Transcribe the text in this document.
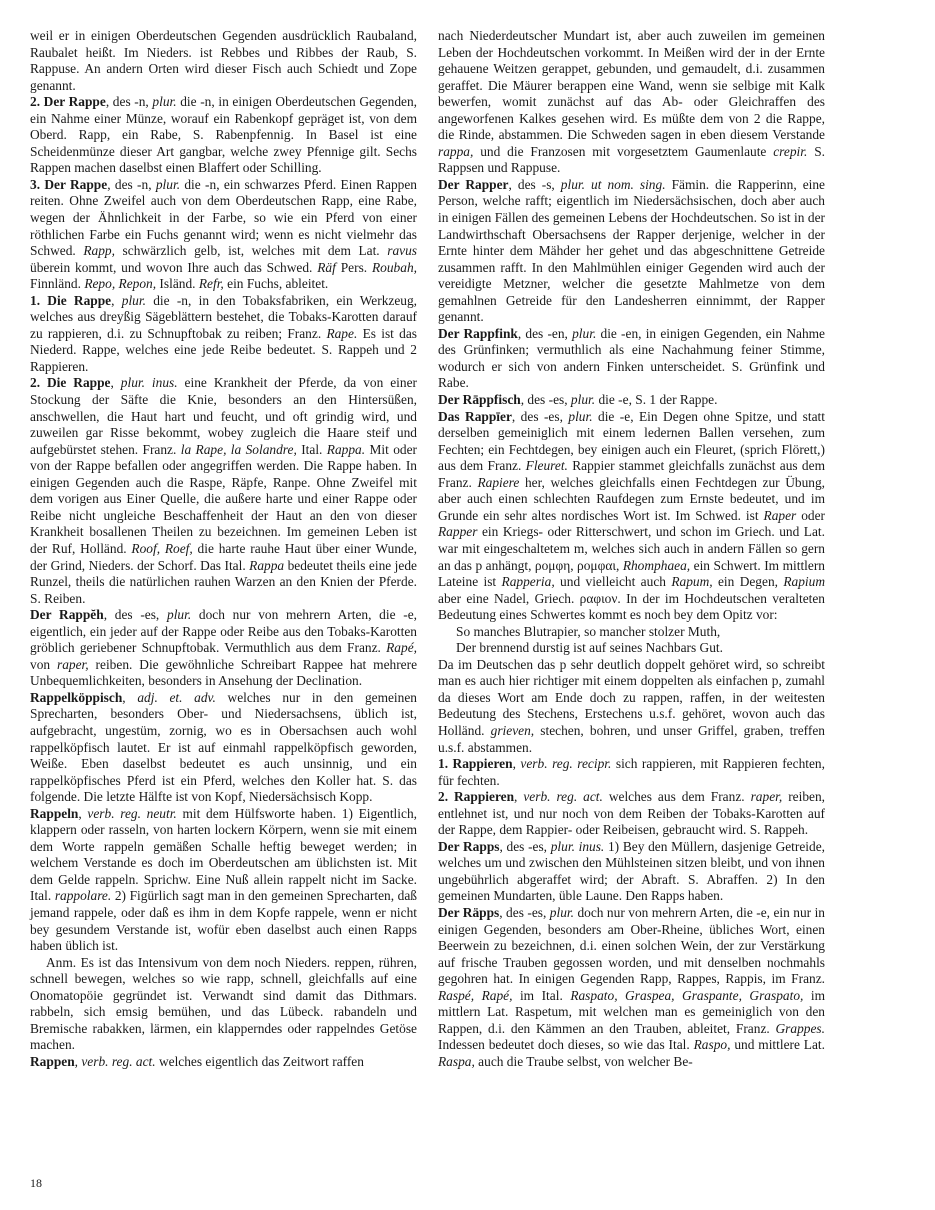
weil er in einigen Oberdeutschen Gegenden ausdrücklich Raubaland, Raubalet heißt. Im Nieders. ist Rebbes und Ribbes der Raub, S. Rappuse. An andern Orten wird dieser Fisch auch Schiedt und Zope genannt.

2. Der Rappe, des -n, plur. die -n, in einigen Oberdeutschen Gegenden, ein Nahme einer Münze, worauf ein Rabenkopf gepräget ist, von dem Oberd. Rapp, ein Rabe, S. Rabenpfennig. In Basel ist eine Scheidenmünze dieser Art gangbar, welche zwey Pfennige gilt. Sechs Rappen machen daselbst einen Blaffert oder Schilling.

3. Der Rappe, des -n, plur. die -n, ein schwarzes Pferd. Einen Rappen reiten. Ohne Zweifel auch von dem Oberdeutschen Rapp, eine Rabe, wegen der Ähnlichkeit in der Farbe, so wie ein Pferd von einer röthlichen Farbe ein Fuchs genannt wird; wenn es nicht vielmehr das Schwed. Rapp, schwärzlich gelb, ist, welches mit dem Lat. ravus überein kommt, und wovon Ihre auch das Schwed. Räf Pers. Roubah, Finnländ. Repo, Repon, Isländ. Refr, ein Fuchs, ableitet.

1. Die Rappe, plur. die -n, in den Tobaksfabriken, ein Werkzeug, welches aus dreyßig Sägeblättern bestehet, die Tobaks-Karotten darauf zu rappieren, d.i. zu Schnupftobak zu reiben; Franz. Rape. Es ist das Niederd. Rappe, welches eine jede Reibe bedeutet. S. Rappeh und 2 Rappieren.

2. Die Rappe, plur. inus. eine Krankheit der Pferde, da von einer Stockung der Säfte die Knie, besonders an den Hintersüßen, anschwellen, die Haut hart und feucht, und oft grindig wird, und zuweilen gar Risse bekommt, wobey zugleich die Haare steif und aufgebürstet stehen. Franz. la Rape, la Solandre, Ital. Rappa. Mit oder von der Rappe befallen oder angegriffen werden. Die Rappe haben. In einigen Gegenden auch die Raspe, Räpfe, Ranpe. Ohne Zweifel mit dem vorigen aus Einer Quelle, die außere harte und einer Rappe oder Reibe nicht ungleiche Beschaffenheit der Haut an den von dieser Krankheit bosallenen Theilen zu bezeichnen. Im gemeinen Leben ist der Ruf, Holländ. Roof, Roef, die harte rauhe Haut über einer Wunde, der Grind, Nieders. der Schorf. Das Ital. Rappa bedeutet theils eine jede Runzel, theils die natürlichen rauhen Warzen an den Knien der Pferde. S. Reiben.

Der Rappĕh, des -es, plur. doch nur von mehrern Arten, die -e, eigentlich, ein jeder auf der Rappe oder Reibe aus den Tobaks-Karotten gröblich geriebener Schnupftobak. Vermuthlich aus dem Franz. Rapé, von raper, reiben. Die gewöhnliche Schreibart Rappee hat mehrere Unbequemlichkeiten, besonders in Ansehung der Declination.

Rappelköppisch, adj. et. adv. welches nur in den gemeinen Sprecharten, besonders Ober- und Niedersachsens, üblich ist, aufgebracht, ungestüm, zornig, wo es in Obersachsen auch wohl rappelköpfisch lautet. Er ist auf einmahl rappelköpfisch geworden, Weiße. Eben daselbst bedeutet es auch unsinnig, und ein rappelköpfisches Pferd ist ein Pferd, welches den Koller hat. S. das folgende. Die letzte Hälfte ist von Kopf, Niedersächsisch Kopp.

Rappeln, verb. reg. neutr. mit dem Hülfsworte haben. 1) Eigentlich, klappern oder rasseln, von harten lockern Körpern, wenn sie mit einem dem Worte rappeln gemäßen Schalle heftig beweget werden; in welchem Verstande es doch im Oberdeutschen am üblichsten ist. Mit dem Gelde rappeln. Sprichw. Eine Nuß allein rappelt nicht im Sacke. Ital. rappolare. 2) Figürlich sagt man in den gemeinen Sprecharten, daß jemand rappele, oder daß es ihm in dem Kopfe rappele, wenn er nicht bey gesundem Verstande ist, wofür eben daselbst auch einen Rapps haben üblich ist.

Anm. Es ist das Intensivum von dem noch Nieders. reppen, rühren, schnell bewegen, welches so wie rapp, schnell, gleichfalls auf eine Onomatopöie gegründet ist. Verwandt sind damit das Dithmars. rabbeln, sich emsig bemühen, und das Lübeck. rabandeln und Bremische rabakken, lärmen, ein klapperndes oder rappelndes Getöse machen.

Rappen, verb. reg. act. welches eigentlich das Zeitwort raffen

nach Niederdeutscher Mundart ist, aber auch zuweilen im gemeinen Leben der Hochdeutschen vorkommt. In Meißen wird der in der Ernte gehauene Weitzen gerappet, gebunden, und gemaudelt, d.i. zusammen geraffet. Die Mäurer berappen eine Wand, wenn sie selbige mit Kalk bewerfen, womit zunächst auf das Ab- oder Gleichraffen des angeworfenen Kalkes gesehen wird. Es müßte dem von 2 die Rappe, die Rinde, abstammen. Die Schweden sagen in eben diesem Verstande rappa, und die Franzosen mit vorgesetztem Gaumenlaute crepir. S. Rappsen und Rappuse.

Der Rapper, des -s, plur. ut nom. sing. Fämin. die Rapperinn, eine Person, welche rafft; eigentlich im Niedersächsischen, doch aber auch in einigen Fällen des gemeinen Lebens der Hochdeutschen. So ist in der Landwirthschaft Obersachsens der Rapper derjenige, welcher in der Ernte hinter dem Mähder her gehet und das abgeschnittene Getreide zusammen rafft. In den Mahlmühlen einiger Gegenden wird auch der vereidigte Metzner, welcher die gesetzte Mahlmetze von dem gemahlnen Getreide für den Landesherren einnimmt, der Rapper genannt.

Der Rappfink, des -en, plur. die -en, in einigen Gegenden, ein Nahme des Grünfinken; vermuthlich als eine Nachahmung feiner Stimme, wodurch er sich von andern Finken unterscheidet. S. Grünfink und Rabe.

Der Rāppfisch, des -es, plur. die -e, S. 1 der Rappe.

Das Rappīer, des -es, plur. die -e, Ein Degen ohne Spitze, und statt derselben gemeiniglich mit einem ledernen Ballen versehen, zum Fechten; ein Fechtdegen, bey einigen auch ein Fleuret, (sprich Flörett,) aus dem Franz. Fleuret. Rappier stammet gleichfalls zunächst aus dem Franz. Rapiere her, welches gleichfalls einen Fechtdegen zur Übung, aber auch einen schlechten Raufdegen zum Ernste bedeutet, und im Grunde ein sehr altes nordisches Wort ist. Im Schwed. ist Raper oder Rapper ein Kriegs- oder Ritterschwert, und schon im Griech. und Lat. war mit eingeschaltetem m, welches sich auch in andern Fällen so gern an das p anhängt, ρομφη, ρομφαι, Rhomphaea, ein Schwert. Im mittlern Lateine ist Rapperia, und vielleicht auch Rapum, ein Degen, Rapium aber eine Nadel, Griech. ραφιον. In der im Hochdeutschen veralteten Bedeutung eines Schwertes kommt es noch bey dem Opitz vor:

So manches Blutrapier, so mancher stolzer Muth,

Der brennend durstig ist auf seines Nachbars Gut.

Da im Deutschen das p sehr deutlich doppelt gehöret wird, so schreibt man es auch hier richtiger mit einem doppelten als einfachen p, zumahl da dieses Wort am Ende doch zu rappen, raffen, in der weitesten Bedeutung des Stechens, Erstechens u.s.f. gehöret, wovon auch das Holländ. grieven, stechen, bohren, und unser Griffel, graben, treffen u.s.f. abstammen.

1. Rappieren, verb. reg. recipr. sich rappieren, mit Rappieren fechten, für fechten.

2. Rappieren, verb. reg. act. welches aus dem Franz. raper, reiben, entlehnet ist, und nur noch von dem Reiben der Tobaks-Karotten auf der Rappe, dem Rappier- oder Reibeisen, gebraucht wird. S. Rappeh.

Der Rapps, des -es, plur. inus. 1) Bey den Müllern, dasjenige Getreide, welches um und zwischen den Mühlsteinen sitzen bleibt, und von ihnen ungebührlich abgeraffet wird; der Abraft. S. Abraffen. 2) In den gemeinen Mundarten, üble Laune. Den Rapps haben.

Der Räpps, des -es, plur. doch nur von mehrern Arten, die -e, ein nur in einigen Gegenden, besonders am Ober-Rheine, übliches Wort, einen Beerwein zu bezeichnen, d.i. einen solchen Wein, der zur Verstärkung auf frische Trauben gegossen worden, und mit denselben nochmahls gegohren hat. In einigen Gegenden Rapp, Rappes, Rappis, im Franz. Raspé, Rapé, im Ital. Raspato, Graspea, Graspante, Graspato, im mittlern Lat. Raspetum, mit welchen man es gemeiniglich von den Rappen, d.i. den Kämmen an den Trauben, ableitet, Franz. Grappes. Indessen bedeutet doch dieses, so wie das Ital. Raspo, und mittlere Lat. Raspa, auch die Traube selbst, von welcher Be-

18
